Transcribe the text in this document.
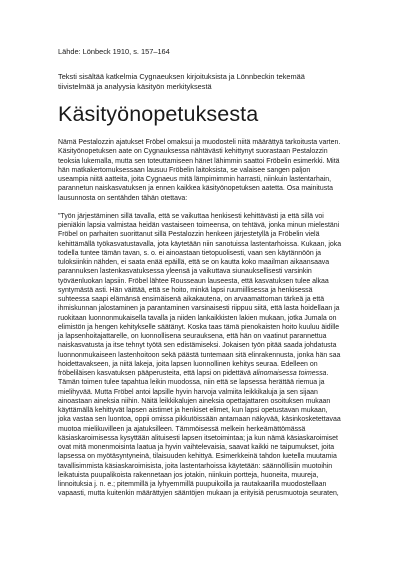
Lähde: Lönbeck 1910, s. 157–164

Teksti sisältää katkelmia Cygnaeuksen kirjoituksista ja Lönnbeckin tekemää tiivistelmää ja analyysia käsityön merkityksestä

Käsityönopetuksesta

Nämä Pestalozzin ajatukset Fröbel omaksui ja muodosteli niitä määrättyä tarkoitusta varten. Käsityönopetuksen aate on Cygnauksessa nähtävästi kehittynyt suorastaan Pestalozzin teoksia lukemalla, mutta sen toteuttamiseen hänet lähimmin saattoi Fröbelin esimerkki. Mitä hän matkakertomuksessaan lausuu Fröbelin laitoksista, se valaisee sangen paljon useampia niitä aatteita, joita Cygnaeus mitä lämpimimmin harrasti, niinkuin lastentarhain, parannetun naiskasvatuksen ja ennen kaikkea käsityönopetuksen aatetta. Osa mainitusta lausunnosta on sentähden tähän otettava:

"Työn järjestäminen sillä tavalla, että se vaikuttaa henkisesti kehittävästi ja että sillä voi pieniäkin lapsia valmistaa heidän vastaiseen toimeensa, on tehtävä, jonka minun mielestäni Fröbel on parhaiten suorittanut sillä Pestalozzin henkeen järjestetyllä ja Fröbelin vielä kehittämällä työkasvatustavalla, jota käytetään niin sanotuissa lastentarhoissa. Kukaan, joka todella tuntee tämän tavan, s. o. ei ainoastaan tietopuolisesti, vaan sen käytännöön ja tuloksiinkin nähden, ei saata enää epäillä, että se on kautta koko maailman aikaansaava parannuksen lastenkasvatuksessa yleensä ja vaikuttava siunauksellisesti varsinkin työväenluokan lapsiin. Fröbel lähtee Rousseaun lauseesta, että kasvatuksen tulee alkaa syntymästä asti. Hän väittää, että se hoito, minkä lapsi ruumiillisessa ja henkisessä suhteessa saapi elämänsä ensimäisenä aikakautena, on arvaamattoman tärkeä ja että ihmiskunnan jalostaminen ja parantaminen varsinaisesti riippuu siitä, että lasta hoidellaan ja ruokitaan luonnonmukaisella tavalla ja niiden lankaikkisten lakien mukaan, jotka Jumala on elimistön ja hengen kehitykselle säätänyt. Koska taas tämä pienokaisten hoito kuuluu äidille ja lapsenhoitajattarelle, on luonnollisena seurauksena, että hän on vaatinut parannettua naiskasvatusta ja itse tehnyt työtä sen edistämiseksi. Jokaisen työn pitää saada johdatusta luonnonmukaiseen lastenhoitoon sekä päästä tuntemaan sitä elinrakennusta, jonka hän saa hoidettavakseen, ja niitä lakeja, joita lapsen luonnollinen kehitys seuraa. Edelleen on fröbeliläisen kasvatuksen pääperusteita, että lapsi on pidettävä alinomaisessa toimessa. Tämän toimen tulee tapahtua leikin muodossa, niin että se lapsessa herättää riemua ja mielihyvää. Mutta Fröbel antoi lapsille hyvin harvoja valmiita leikkikaluja ja sen sijaan ainoastaan aineksia niihin. Näitä leikkikalujen aineksia opettajattaren osoituksen mukaan käyttämällä kehittyvät lapsen aistimet ja henkiset elimet, kun lapsi opetustavan mukaan, joka vastaa sen luontoa, oppii omissa pikkutöissään antamaan näkyvää, käsinkosketettavaa muotoa mielikuvilleen ja ajatuksilleen. Tämmöisessä melkein herkeämättömässä käsiaskaroimisessa kysyttään alituisesti lapsen itsetoimintaa; ja kun nämä käsiaskaroimiset ovat mitä monenmoisinta laatua ja hyvin vaihtelevaisia, saavat kaikki ne taipumukset, joita lapsessa on myötäsyntyneinä, tilaisuuden kehittyä. Esimerkkeinä tahdon luetella muutamia tavallisimmista käsiaskaroimisista, joita lastentarhoissa käytetään: säännöllisiin muotoihin leikatuista puupalikoista rakennetaan jos jotakin, niinkuin portteja, huoneita, muureja, linnoituksia j. n. e.; pitemmillä ja lyhyemmillä puupuikoilla ja rautakaarilla muodostellaan vapaasti, mutta kuitenkin määrättyjen sääntöjen mukaan ja erityisiä perusmuotoja seuraten,
